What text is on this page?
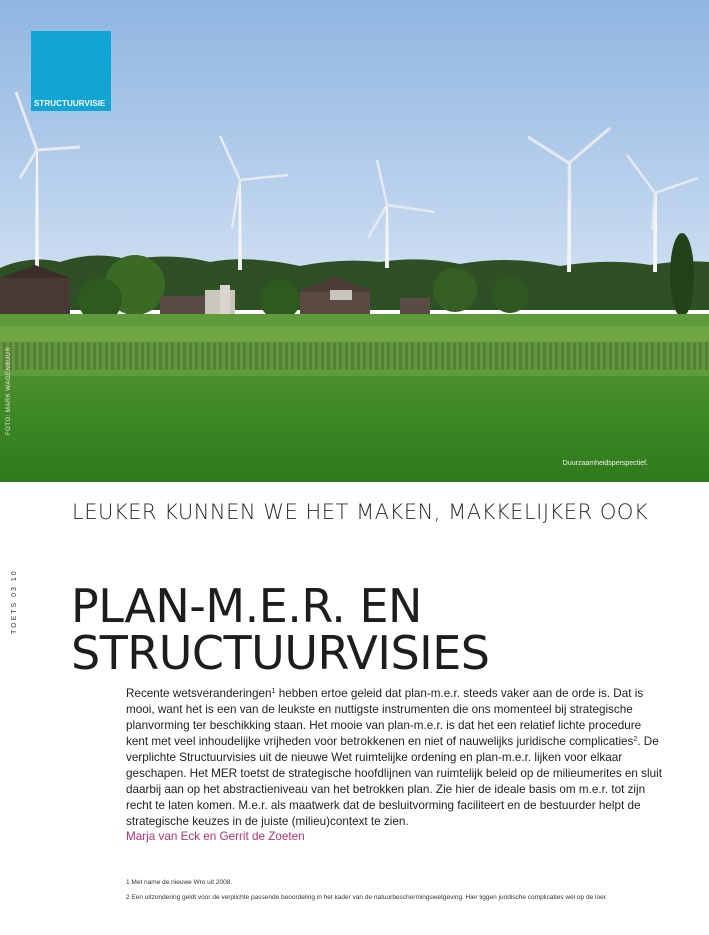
STRUCTUURVISIE
FOTO: MARK WAGENBUUR
Duurzaamheidsperspectief.
LEUKER KUNNEN WE HET MAKEN, MAKKELIJKER OOK
TOETS 03 10 PLAN-M.E.R. EN
STRUCTUURVISIES

Recente wetsveranderingen$^1$ hebben ertoe geleid dat plan-m.e.r. steeds vaker aan de orde is. Dat is mooi, want het is een van de leukste en nuttigste instrumenten die ons momenteel bij strategische planvorming ter beschikking staan. Het mooie van plan-m.e.r. is dat het een relatief lichte procedure kent met veel inhoudelijke vrijheden voor betrokkenen en niet of nauwelijks juridische complicaties$^2$. De verplichte Structuurvisies uit de nieuwe Wet ruimtelijke ordening en plan-m.e.r. lijken voor elkaar geschapen. Het MER toetst de strategische hoofdlijnen van ruimtelijk beleid op de milieumerites en sluit daarbij aan op het abstractieniveau van het betrokken plan. Zie hier de ideale basis om m.e.r. tot zijn recht te laten komen. M.e.r. als maatwerk dat de besluitvorming faciliteert en de bestuurder helpt de strategische keuzes in de juiste (milieu)context te zien.

Marja van Eck en Gerrit de Zoeten
1 Met name de nieuwe Wro uit 2008.
2 Een uitzondering geldt voor de verplichte passende beoordeling in het kader van de natuurbeschermingswetgeving. Hier liggen juridische complicaties wel op de loer.
